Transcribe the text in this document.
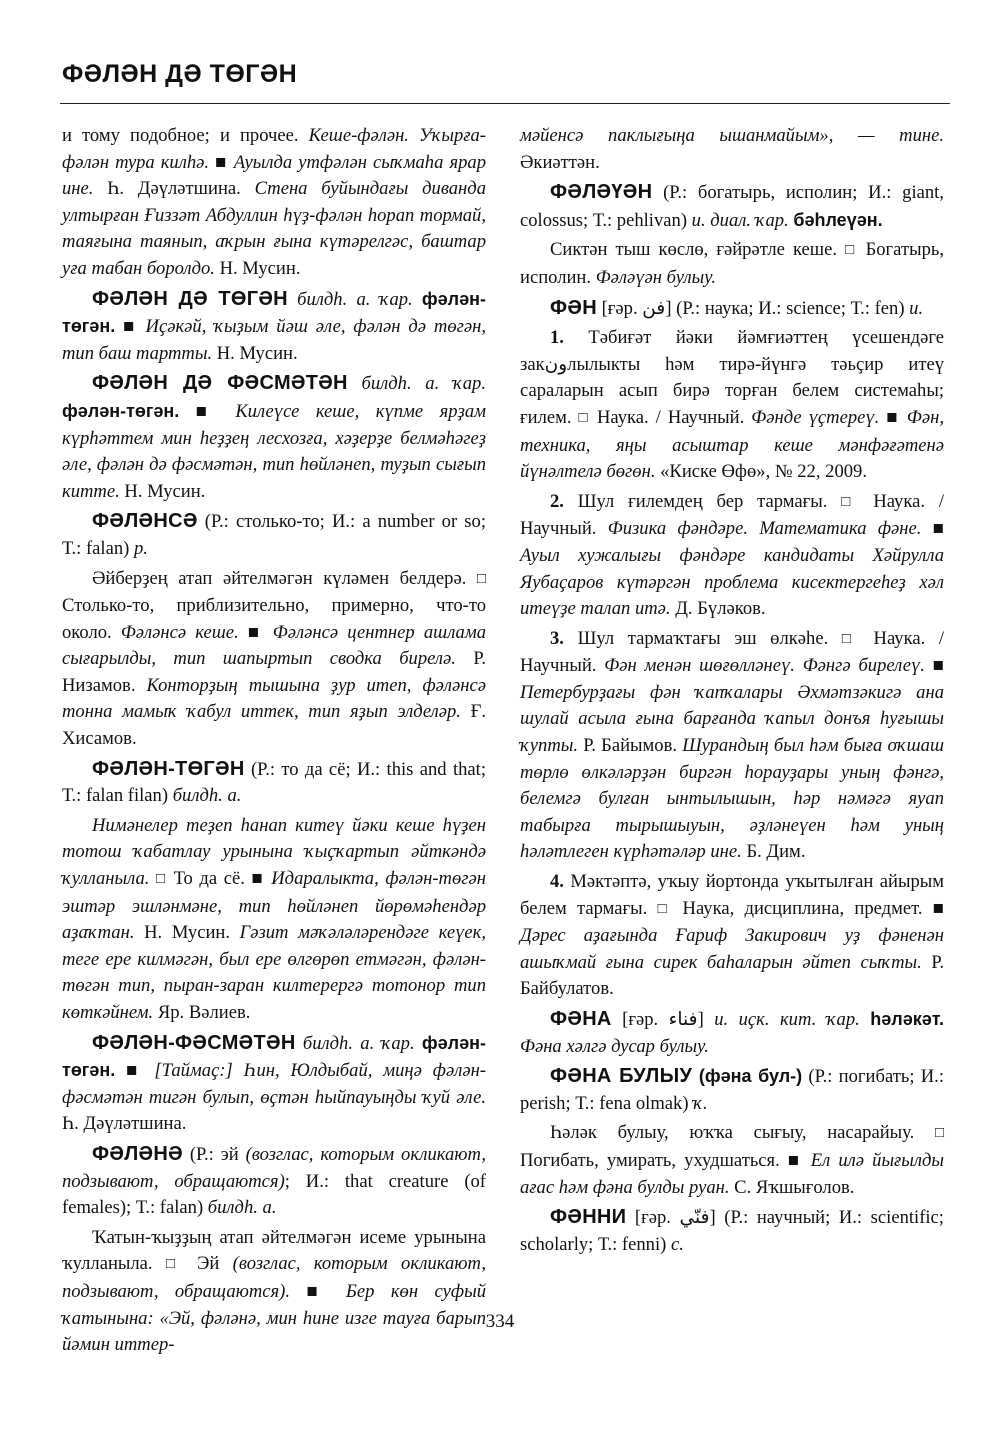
ФӘЛӘН ДӘ ТӨГӘН

и тому подобное; и прочее. Кеше-фәлән. Уҡырға-фәлән тура килһә. ■ Ауылда утфәлән сыҡмаһа ярар ине. Һ. Дәүләтшина. Стена буйындағы диванда ултырған Ғиззәт Абдуллин һүҙ-фәлән һорап тормай, таяғына таянып, аҡрын ғына күтәрелгәс, баштар уға табан боролдо. Н. Мусин.

ФӘЛӘН ДӘ ТӨГӘН билдһ. а. ҡар. фәлән-төгән. ■ Иҫәкәй, ҡыҙым йәш әле, фәлән дә төгән, тип баш тартты. Н. Мусин.

ФӘЛӘН ДӘ ФӘСМӘТӘН билдһ. а. ҡар. фәлән-төгән. ■ Килеүсе кеше, күпме ярҙам күрһәттем мин һеҙҙең лесхозға, хәҙерҙе белмәһәгеҙ әле, фәлән дә фәсмәтән, тип һөйләнеп, туҙып сығып китте. Н. Мусин.

ФӘЛӘНСӘ (Р.: столько-то; И.: a number or so; Т.: falan) р.

Әйберҙең атап әйтелмәгән күләмен белдерә. □ Столько-то, приблизительно, примерно, что-то около. Фәләнсә кеше. ■ Фәләнсә центнер ашлама сығарылды, тип шапыртып сводка бирелә. Р. Низамов. Конторҙың тышына ҙур итеп, фәләнсә тонна мамыҡ ҡабул иттек, тип яҙып элделәр. Ғ. Хисамов.

ФӘЛӘН-ТӨГӘН (Р.: то да сё; И.: this and that; Т.: falan filan) билдһ. а.

Нимәнелер теҙеп һанап китеү йәки кеше һүҙен тотош ҡабатлау урынына ҡыҫҡартып әйткәндә ҡулланыла. □ То да сё. ■ Идаралыкта, фәлән-төгән эштәр эшләнмәне, тип һөйләнеп йөрөмәһендәр аҙаҡтан. Н. Мусин. Гәзит мәҡәләләрендәге кеүек, теге ере килмәгән, был ере өлгөрөп етмәгән, фәлән-төгән тип, пыран-заран килтерергә тотонор тип көткәйнем. Яр. Вәлиев.

ФӘЛӘН-ФӘСМӘТӘН билдһ. а. ҡар. фәлән-төгән. ■ [Таймаҫ:] Һин, Юлдыбай, миңә фәлән-фәсмәтән тигән булып, өҫтән һыйпауыңды ҡуй әле. Һ. Дәүләтшина.

ФӘЛӘНӘ (Р.: эй (возглас, которым окликают, подзывают, обращаются); И.: that creature (of females); Т.: falan) билдһ. а.

Ҡатын-ҡыҙҙың атап әйтелмәгән исеме урынына ҡулланыла. □ Эй (возглас, которым окликают, подзывают, обращаются). ■ Бер көн суфый ҡатынына: «Эй, фәләнә, мин һине изге тауға барып йәмин иттер-

мәйенсә паклығыңа ышанмайым», — тине. Әкиәттән.

ФӘЛӘҮӘН (Р.: богатырь, исполин; И.: giant, colossus; Т.: pehlivan) и. диал. ҡар. бәһлеүән.

Сиктән тыш көслө, ғәйрәтле кеше. □ Богатырь, исполин. Фәләүән булыу.

ФӘН [ғәр. فن] (Р.: наука; И.: science; Т.: fen) и.

1. Тәбиғәт йәки йәмғиәттең үсешендәге закونлылыкты һәм тирә-йүнгә тәьҫир итеү сараларын асып бирә торған белем системаһы; ғилем. □ Наука. / Научный. Фәнде үҫтереү. ■ Фән, техника, яңы асыштар кеше мәнфәғәтенә йүнәлтелә бөгөн. «Киске Өфө», № 22, 2009.

2. Шул ғилемдең бер тармағы. □ Наука. / Научный. Физика фәндәре. Математика фәне. ■ Ауыл хужалығы фәндәре кандидаты Хәйрулла Яубаҫаров күтәргән проблема кисектергеһеҙ хәл итеүҙе талап итә. Д. Бүләков.

3. Шул тармаҡтағы эш өлкәһе. □ Наука. / Научный. Фән менән шөғөлләнеү. Фәнгә бирелеү. ■ Петербурҙағы фән ҡапҡалары Әхмәтзәкигә ана шулай асыла ғына барғанда ҡапыл донъя һуғышы ҡупты. Р. Байымов. Шурандың был һәм быға оҡшаш төрлө өлкәләрҙән биргән һорауҙары уның фәнгә, белемгә булған ынтылышын, һәр нәмәгә яуап табырға тырышыуын, әҙләнеүен һәм уның һәләтлеген күрһәтәләр ине. Б. Дим.

4. Мәктәптә, уҡыу йортонда уҡытылған айырым белем тармағы. □ Наука, дисциплина, предмет. ■ Дәрес аҙағында Ғариф Закирович уҙ фәненән ашыҡмай ғына сирек баһаларын әйтеп сыҡты. Р. Байбулатов.

ФӘНА [ғәр. فناء] и. иҫк. кит. ҡар. һәләкәт. Фәна хәлгә дусар булыу.

ФӘНА БУЛЫУ (фәна бул-) (Р.: погибать; И.: perish; Т.: fena olmak) ҡ.

Һәләк булыу, юҡҡа сығыу, насарайыу. □ Погибать, умирать, ухудшаться. ■ Ел илә йығылды ағас һәм фәна булды руан. С. Яҡшығолов.

ФӘННИ [ғәр. فنّي] (Р.: научный; И.: scientific; scholarly; Т.: fenni) с.

334
